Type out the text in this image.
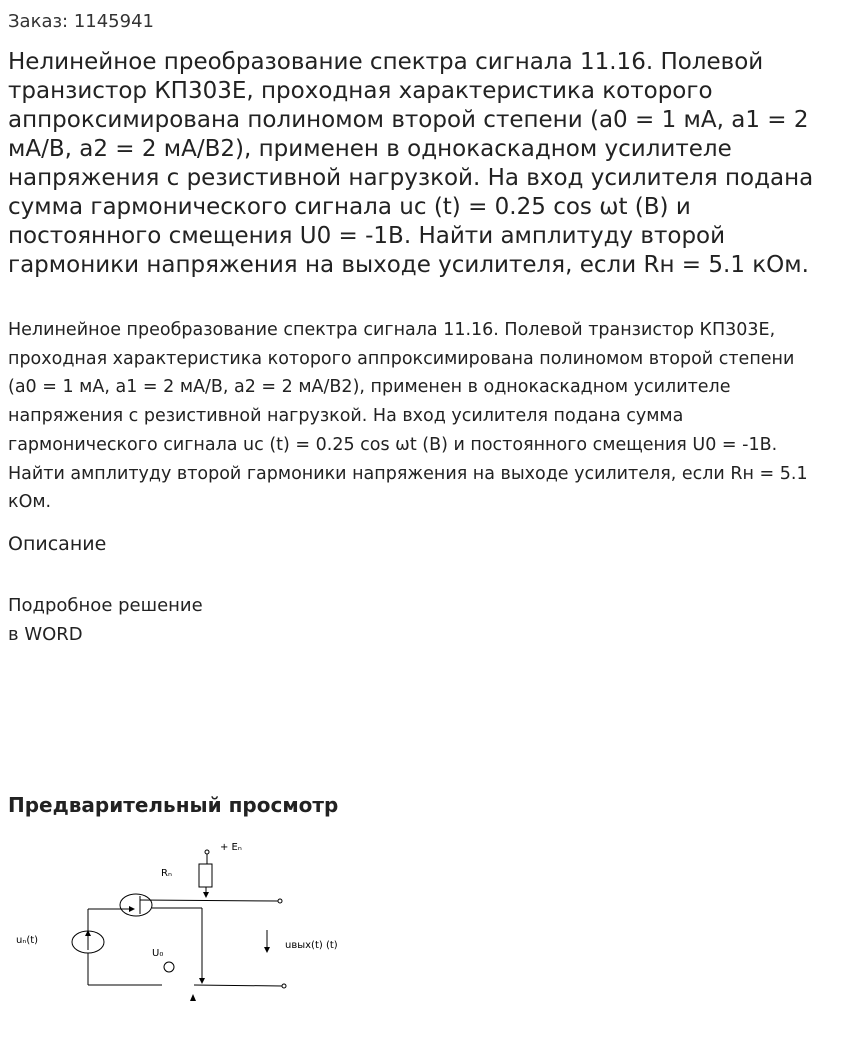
Заказ: 1145941
Нелинейное преобразование спектра сигнала 11.16. Полевой транзистор КП303Е, проходная характеристика которого аппроксимирована полиномом второй степени (а0 = 1 мА, а1 = 2 мА/В, а2 = 2 мА/В2), применен в однокаскадном усилителе напряжения с резистивной нагрузкой. На вход усилителя подана сумма гармонического сигнала uc (t) = 0.25 cos ωt (В) и постоянного смещения U0 = -1В. Найти амплитуду второй гармоники напряжения на выходе усилителя, если Rн = 5.1 кОм.

Нелинейное преобразование спектра сигнала 11.16. Полевой транзистор КП303Е, проходная характеристика которого аппроксимирована полиномом второй степени (а0 = 1 мА, а1 = 2 мА/В, а2 = 2 мА/В2), применен в однокаскадном усилителе напряжения с резистивной нагрузкой. На вход усилителя подана сумма гармонического сигнала uc (t) = 0.25 cos ωt (В) и постоянного смещения U0 = -1В. Найти амплитуду второй гармоники напряжения на выходе усилителя, если Rн = 5.1 кОм.

Описание
Подробное решение
в WORD
Предварительный просмотр
+ Eₙ
Rₙ
uₙ(t)
U₀
uвых(t) (t)
